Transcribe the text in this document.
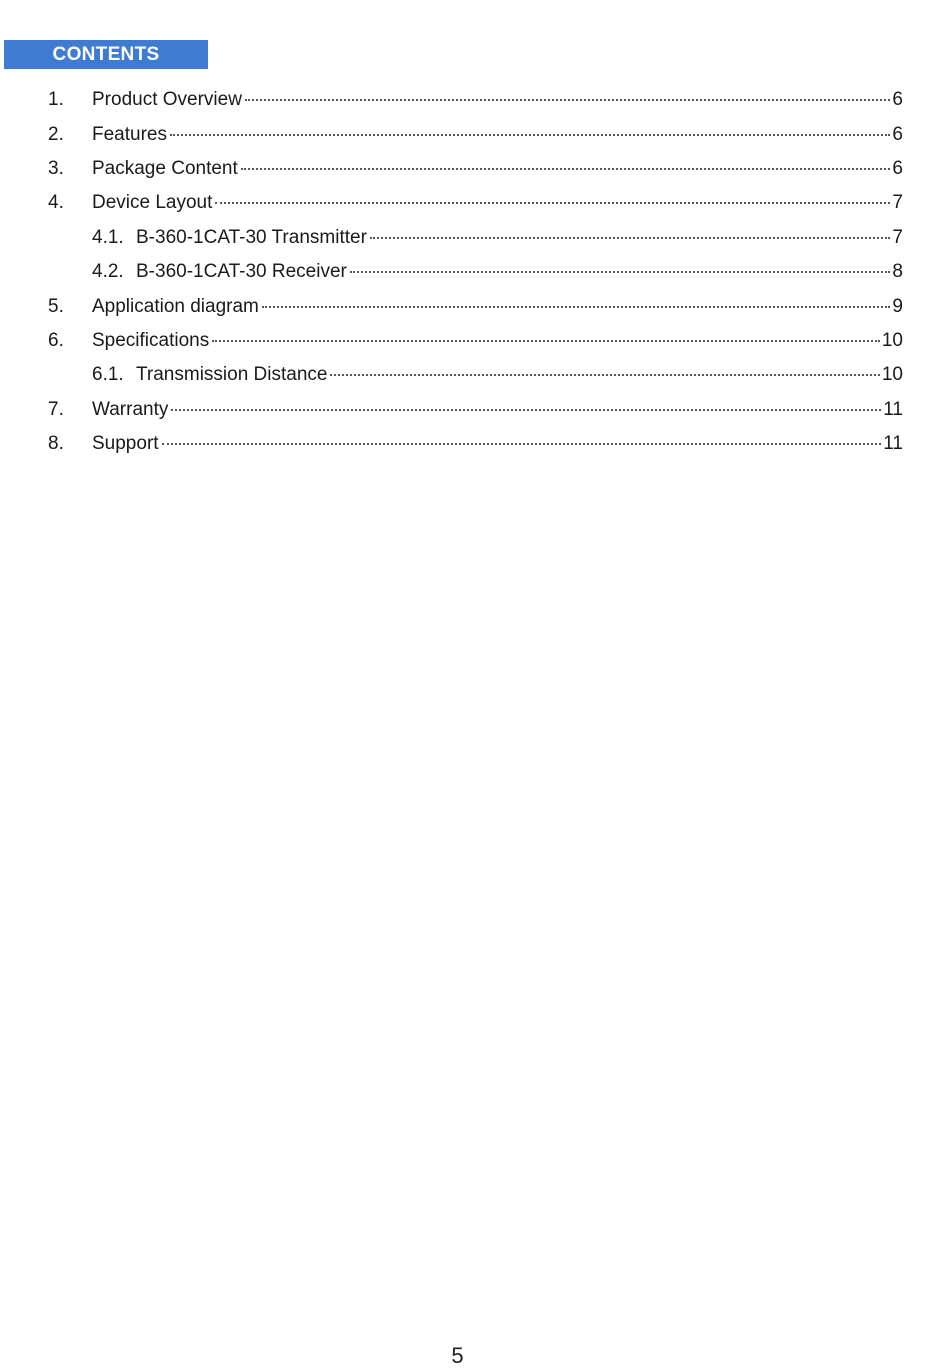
CONTENTS
1. Product Overview	6
2. Features	6
3. Package Content	6
4. Device Layout	7
4.1. B-360-1CAT-30 Transmitter	7
4.2. B-360-1CAT-30 Receiver	8
5. Application diagram	9
6. Specifications	10
6.1. Transmission Distance	10
7. Warranty	11
8. Support	11
5
